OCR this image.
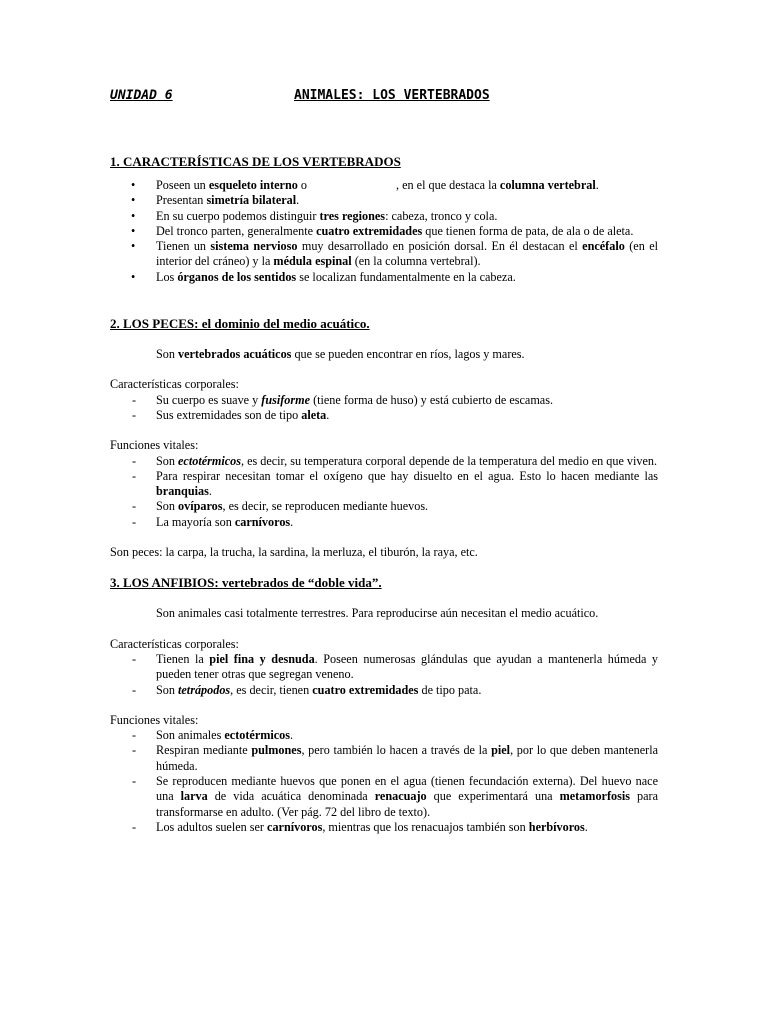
UNIDAD 6	ANIMALES: LOS VERTEBRADOS
1. CARACTERÍSTICAS DE LOS VERTEBRADOS
• Poseen un esqueleto interno o	, en el que destaca la columna vertebral.
• Presentan simetría bilateral.
• En su cuerpo podemos distinguir tres regiones: cabeza, tronco y cola.
• Del tronco parten, generalmente cuatro extremidades que tienen forma de pata, de ala o de aleta.
• Tienen un sistema nervioso muy desarrollado en posición dorsal. En él destacan el encéfalo (en el interior del cráneo) y la médula espinal (en la columna vertebral).
• Los órganos de los sentidos se localizan fundamentalmente en la cabeza.
2. LOS PECES: el dominio del medio acuático.

Son vertebrados acuáticos que se pueden encontrar en ríos, lagos y mares.

Características corporales:

- Su cuerpo es suave y fusiforme (tiene forma de huso) y está cubierto de escamas.
- Sus extremidades son de tipo aleta.

Funciones vitales:

- Son ectotérmicos, es decir, su temperatura corporal depende de la temperatura del medio en que viven.
- Para respirar necesitan tomar el oxígeno que hay disuelto en el agua. Esto lo hacen mediante las branquias.
- Son ovíparos, es decir, se reproducen mediante huevos.
- La mayoría son carnívoros.

Son peces: la carpa, la trucha, la sardina, la merluza, el tiburón, la raya, etc.

3. LOS ANFIBIOS: vertebrados de “doble vida”.

Son animales casi totalmente terrestres. Para reproducirse aún necesitan el medio acuático.

Características corporales:

- Tienen la piel fina y desnuda. Poseen numerosas glándulas que ayudan a mantenerla húmeda y pueden tener otras que segregan veneno.
- Son tetrápodos, es decir, tienen cuatro extremidades de tipo pata.

Funciones vitales:

- Son animales ectotérmicos.
- Respiran mediante pulmones, pero también lo hacen a través de la piel, por lo que deben mantenerla húmeda.
- Se reproducen mediante huevos que ponen en el agua (tienen fecundación externa). Del huevo nace una larva de vida acuática denominada renacuajo que experimentará una metamorfosis para transformarse en adulto. (Ver pág. 72 del libro de texto).
- Los adultos suelen ser carnívoros, mientras que los renacuajos también son herbívoros.
